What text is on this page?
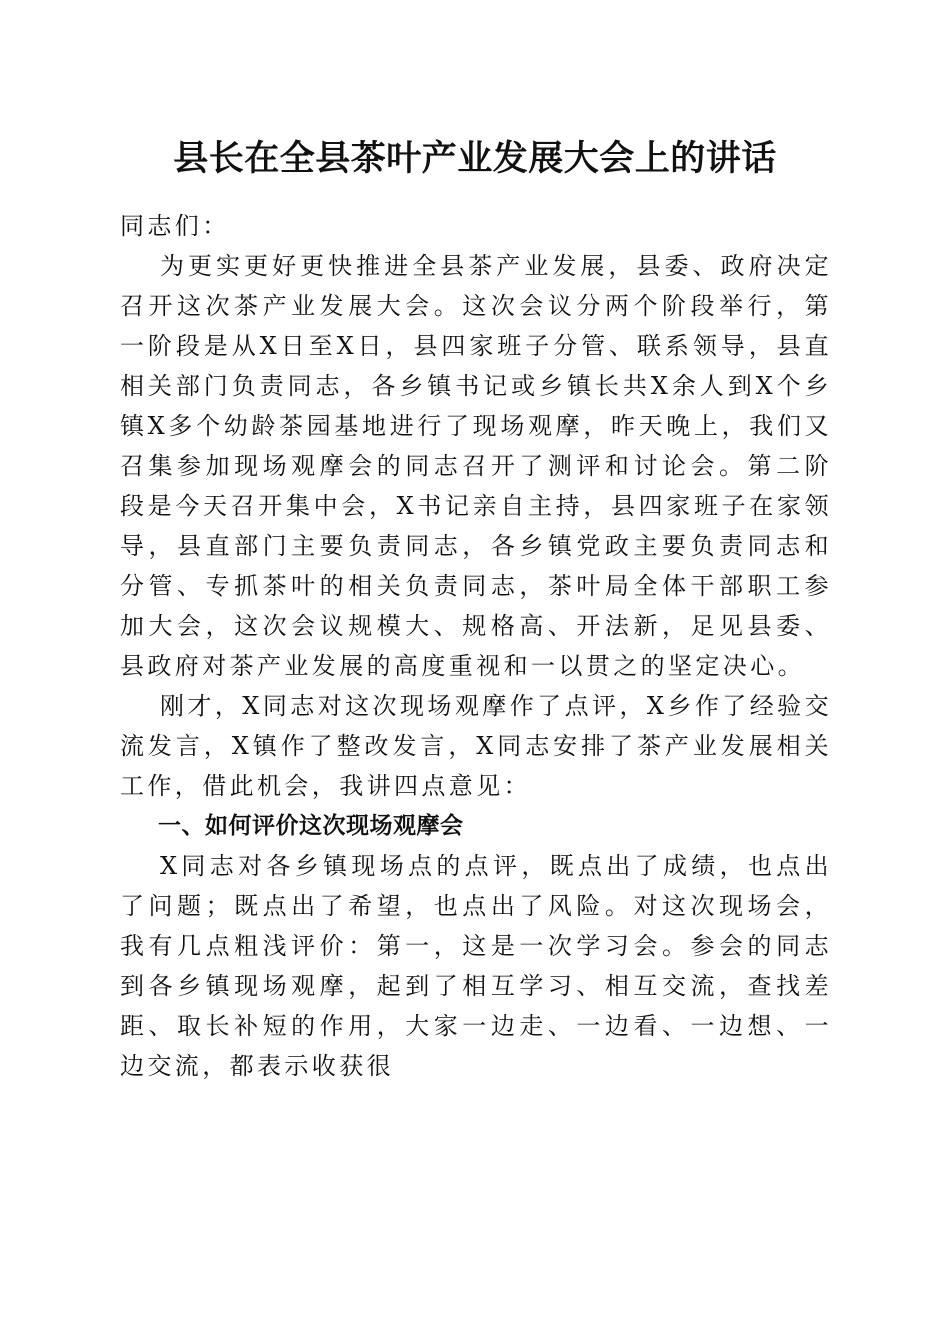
县长在全县茶叶产业发展大会上的讲话

同志们：

为更实更好更快推进全县茶产业发展，县委、政府决定召开这次茶产业发展大会。这次会议分两个阶段举行，第一阶段是从X日至X日，县四家班子分管、联系领导，县直相关部门负责同志，各乡镇书记或乡镇长共X余人到X个乡镇X多个幼龄茶园基地进行了现场观摩，昨天晚上，我们又召集参加现场观摩会的同志召开了测评和讨论会。第二阶段是今天召开集中会，X书记亲自主持，县四家班子在家领导，县直部门主要负责同志，各乡镇党政主要负责同志和分管、专抓茶叶的相关负责同志，茶叶局全体干部职工参加大会，这次会议规模大、规格高、开法新，足见县委、县政府对茶产业发展的高度重视和一以贯之的坚定决心。

刚才，X同志对这次现场观摩作了点评，X乡作了经验交流发言，X镇作了整改发言，X同志安排了茶产业发展相关工作，借此机会，我讲四点意见：

一、如何评价这次现场观摩会

X同志对各乡镇现场点的点评，既点出了成绩，也点出了问题；既点出了希望，也点出了风险。对这次现场会，我有几点粗浅评价：第一，这是一次学习会。参会的同志到各乡镇现场观摩，起到了相互学习、相互交流，查找差距、取长补短的作用，大家一边走、一边看、一边想、一边交流，都表示收获很
